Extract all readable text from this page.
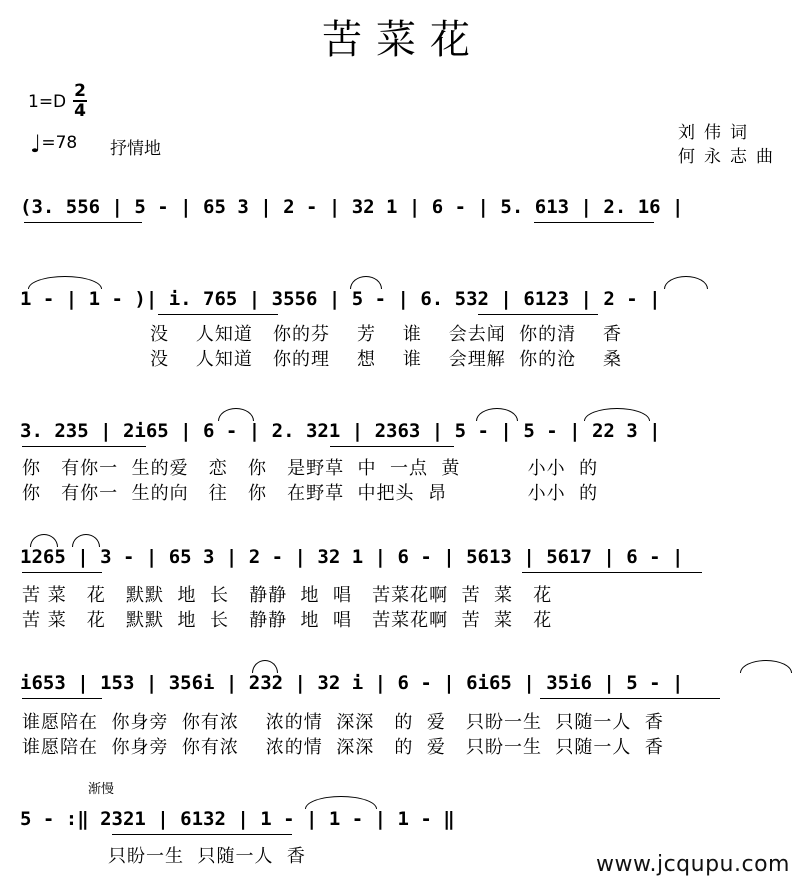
苦菜花
1=D
2
4
♩=78 抒情地
刘伟词
何永志曲
(3. 556 | 5 - | 65 3 | 2 - | 32 1 | 6 - | 5. 613 | 2. 16 |
1 - | 1 - )| i. 765 | 3556 | 5 - | 6. 532 | 6123 | 2 - |
没    人知道   你的芬    芳    谁    会去闻  你的清    香
没    人知道   你的理    想    谁    会理解  你的沧    桑
3. 235 | 2i65 | 6 - | 2. 321 | 2363 | 5 - | 5 - | 22 3 |
你   有你一  生的爱   恋   你   是野草  中  一点  黄          小小  的
你   有你一  生的向   往   你   在野草  中把头  昂            小小  的
1265 | 3 - | 65 3 | 2 - | 32 1 | 6 - | 5613 | 5617 | 6 - |
苦 菜   花   默默  地  长   静静  地  唱   苦菜花啊  苦  菜   花
苦 菜   花   默默  地  长   静静  地  唱   苦菜花啊  苦  菜   花
i653 | 153 | 356i | 232 | 32 i | 6 - | 6i65 | 35i6 | 5 - |
谁愿陪在  你身旁  你有浓    浓的情  深深   的  爱   只盼一生  只随一人  香
谁愿陪在  你身旁  你有浓    浓的情  深深   的  爱   只盼一生  只随一人  香
渐慢
5 - :‖ 2321 | 6132 | 1 - | 1 - | 1 - ‖
只盼一生  只随一人  香	www.jcqupu.com
